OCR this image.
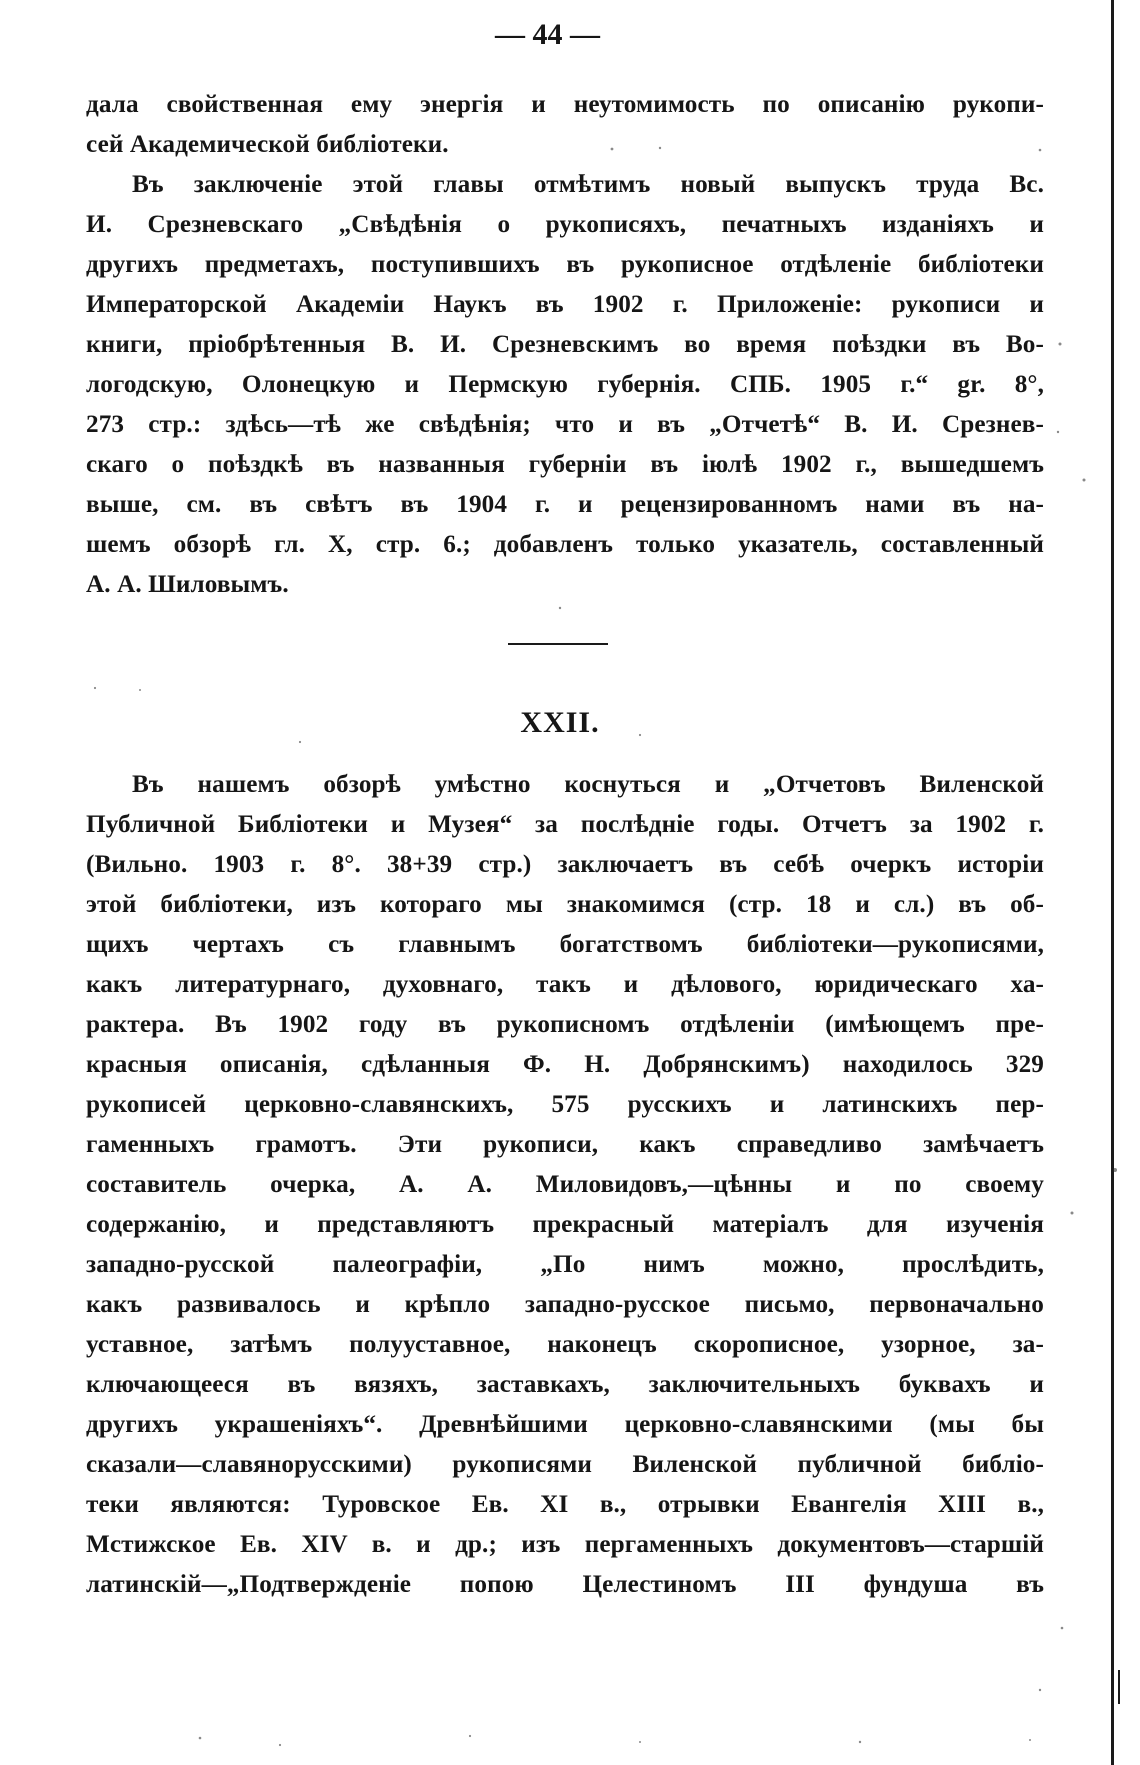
— 44 —
дала свойственная ему энергія и неутомимость по описанію рукопи-
сей Академической библіотеки.
Въ заключеніе этой главы отмѣтимъ новый выпускъ труда Вс.
И. Срезневскаго „Свѣдѣнія о рукописяхъ, печатныхъ изданіяхъ и
другихъ предметахъ, поступившихъ въ рукописное отдѣленіе библіотеки
Императорской Академіи Наукъ въ 1902 г. Приложеніе: рукописи и
книги, пріобрѣтенныя В. И. Срезневскимъ во время поѣздки въ Во-
логодскую, Олонецкую и Пермскую губернія. СПБ. 1905 г.“ gr. 8°,
273 стр.: здѣсь—тѣ же свѣдѣнія; что и въ „Отчетѣ“ В. И. Срезнев-
скаго о поѣздкѣ въ названныя губерніи въ іюлѣ 1902 г., вышедшемъ
выше, см. въ свѣтъ въ 1904 г. и рецензированномъ нами въ на-
шемъ обзорѣ гл. X, стр. 6.; добавленъ только указатель, составленный
А. А. Шиловымъ.
XXII.
Въ нашемъ обзорѣ умѣстно коснуться и „Отчетовъ Виленской
Публичной Библіотеки и Музея“ за послѣдніе годы. Отчетъ за 1902 г.
(Вильно. 1903 г. 8°. 38+39 стр.) заключаетъ въ себѣ очеркъ исторіи
этой библіотеки, изъ котораго мы знакомимся (стр. 18 и сл.) въ об-
щихъ чертахъ съ главнымъ богатствомъ библіотеки—рукописями,
какъ литературнаго, духовнаго, такъ и дѣлового, юридическаго ха-
рактера. Въ 1902 году въ рукописномъ отдѣленіи (имѣющемъ пре-
красныя описанія, сдѣланныя Ф. Н. Добрянскимъ) находилось 329
рукописей церковно-славянскихъ, 575 русскихъ и латинскихъ пер-
гаменныхъ грамотъ. Эти рукописи, какъ справедливо замѣчаетъ
составитель очерка, А. А. Миловидовъ,—цѣнны и по своему
содержанію, и представляютъ прекрасный матеріалъ для изученія
западно-русской палеографіи, „По нимъ можно, прослѣдить,
какъ развивалось и крѣпло западно-русское письмо, первоначально
уставное, затѣмъ полууставное, наконецъ скорописное, узорное, за-
ключающееся въ вязяхъ, заставкахъ, заключительныхъ буквахъ и
другихъ украшеніяхъ“. Древнѣйшими церковно-славянскими (мы бы
сказали—славянорусскими) рукописями Виленской публичной библіо-
теки являются: Туровское Ев. XI в., отрывки Евангелія XIII в.,
Мстижское Ев. XIV в. и др.; изъ пергаменныхъ документовъ—старшій
латинскій—„Подтвержденіе попою Целестиномъ III фундуша въ
